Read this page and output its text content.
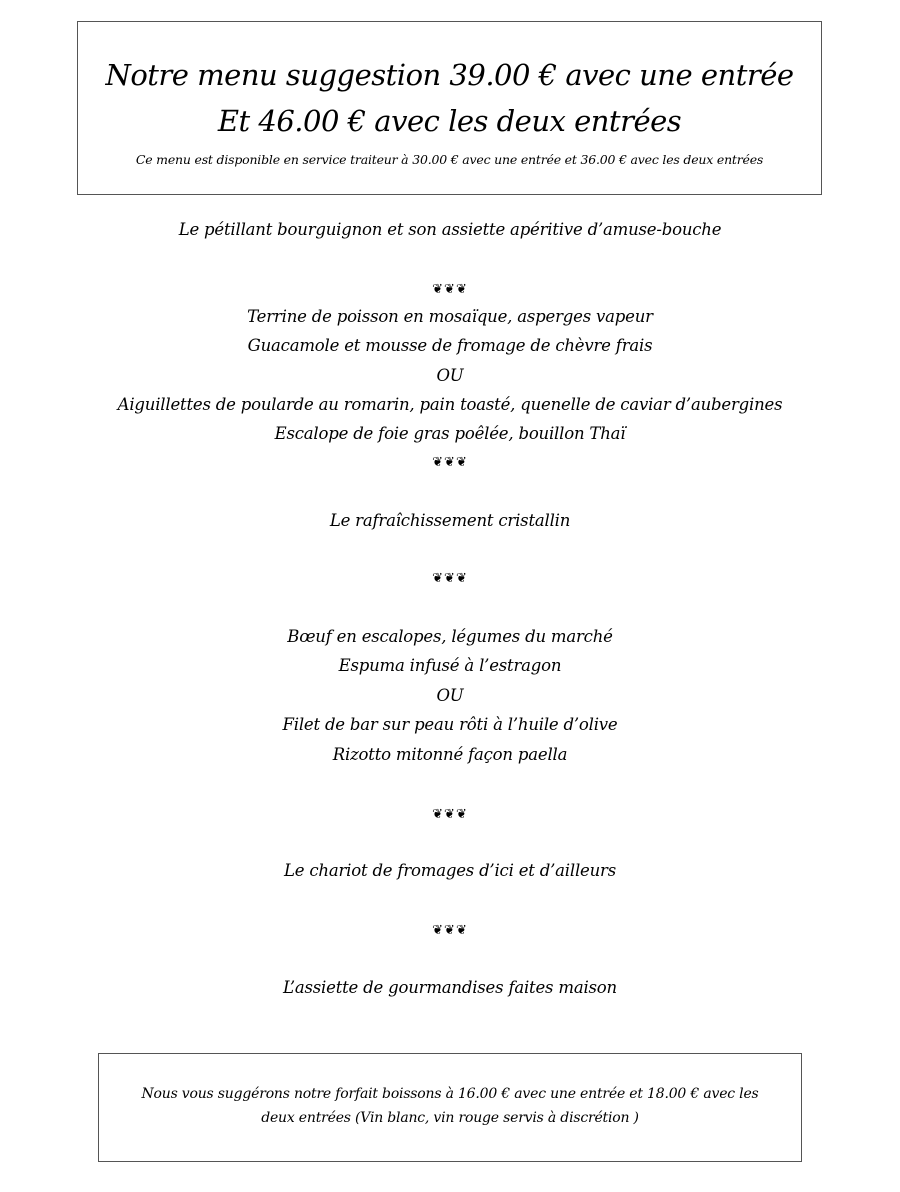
Notre menu suggestion 39.00 € avec une entrée
Et 46.00 € avec les deux entrées
Ce menu est disponible en service traiteur à 30.00 € avec une entrée et 36.00 € avec les deux entrées
Le pétillant bourguignon et son assiette apéritive d’amuse-bouche
❦❦❦
Terrine de poisson en mosaïque, asperges vapeur
Guacamole et mousse de fromage de chèvre frais
OU
Aiguillettes de poularde au romarin, pain toasté, quenelle de caviar d’aubergines
Escalope de foie gras poêlée, bouillon Thaï
❦❦❦
Le rafraîchissement cristallin
❦❦❦
Bœuf en escalopes, légumes du marché
Espuma infusé à l’estragon
OU
Filet de bar sur peau rôti à l’huile d’olive
Rizotto mitonné façon paella
❦❦❦
Le chariot de fromages d’ici et d’ailleurs
❦❦❦
L’assiette de gourmandises faites maison
Nous vous suggérons notre forfait boissons à 16.00 € avec une entrée et 18.00 € avec les deux entrées (Vin blanc, vin rouge servis à discrétion )
